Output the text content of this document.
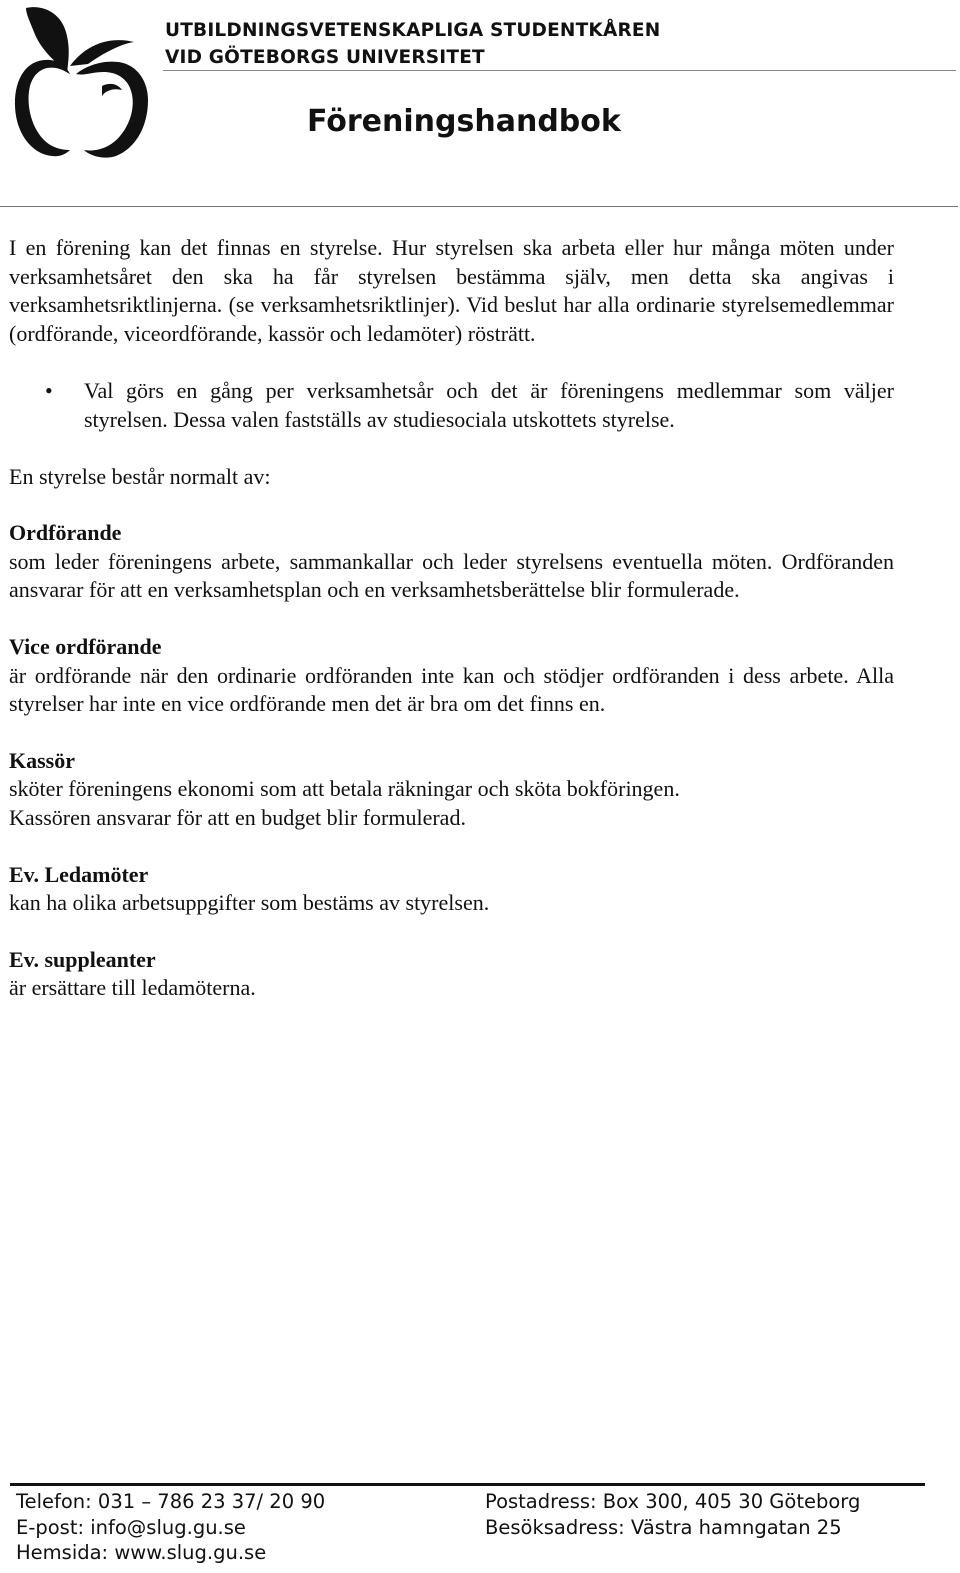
UTBILDNINGSVETENSKAPLIGA STUDENTKÅREN
VID GÖTEBORGS UNIVERSITET
Föreningshandbok

I en förening kan det finnas en styrelse. Hur styrelsen ska arbeta eller hur många möten under verksamhetsåret den ska ha får styrelsen bestämma själv, men detta ska angivas i verksamhetsriktlinjerna. (se verksamhetsriktlinjer). Vid beslut har alla ordinarie styrelsemedlemmar (ordförande, viceordförande, kassör och ledamöter) rösträtt.

•	Val görs en gång per verksamhetsår och det är föreningens medlemmar som väljer styrelsen. Dessa valen fastställs av studiesociala utskottets styrelse.

En styrelse består normalt av:

Ordförande

som leder föreningens arbete, sammankallar och leder styrelsens eventuella möten. Ordföranden ansvarar för att en verksamhetsplan och en verksamhetsberättelse blir formulerade.

Vice ordförande

är ordförande när den ordinarie ordföranden inte kan och stödjer ordföranden i dess arbete. Alla styrelser har inte en vice ordförande men det är bra om det finns en.

Kassör

sköter föreningens ekonomi som att betala räkningar och sköta bokföringen.

Kassören ansvarar för att en budget blir formulerad.

Ev. Ledamöter

kan ha olika arbetsuppgifter som bestäms av styrelsen.

Ev. suppleanter

är ersättare till ledamöterna.

Telefon: 031 – 786 23 37/ 20 90
E-post: info@slug.gu.se
Hemsida: www.slug.gu.se
Postadress: Box 300, 405 30 Göteborg
Besöksadress: Västra hamngatan 25
